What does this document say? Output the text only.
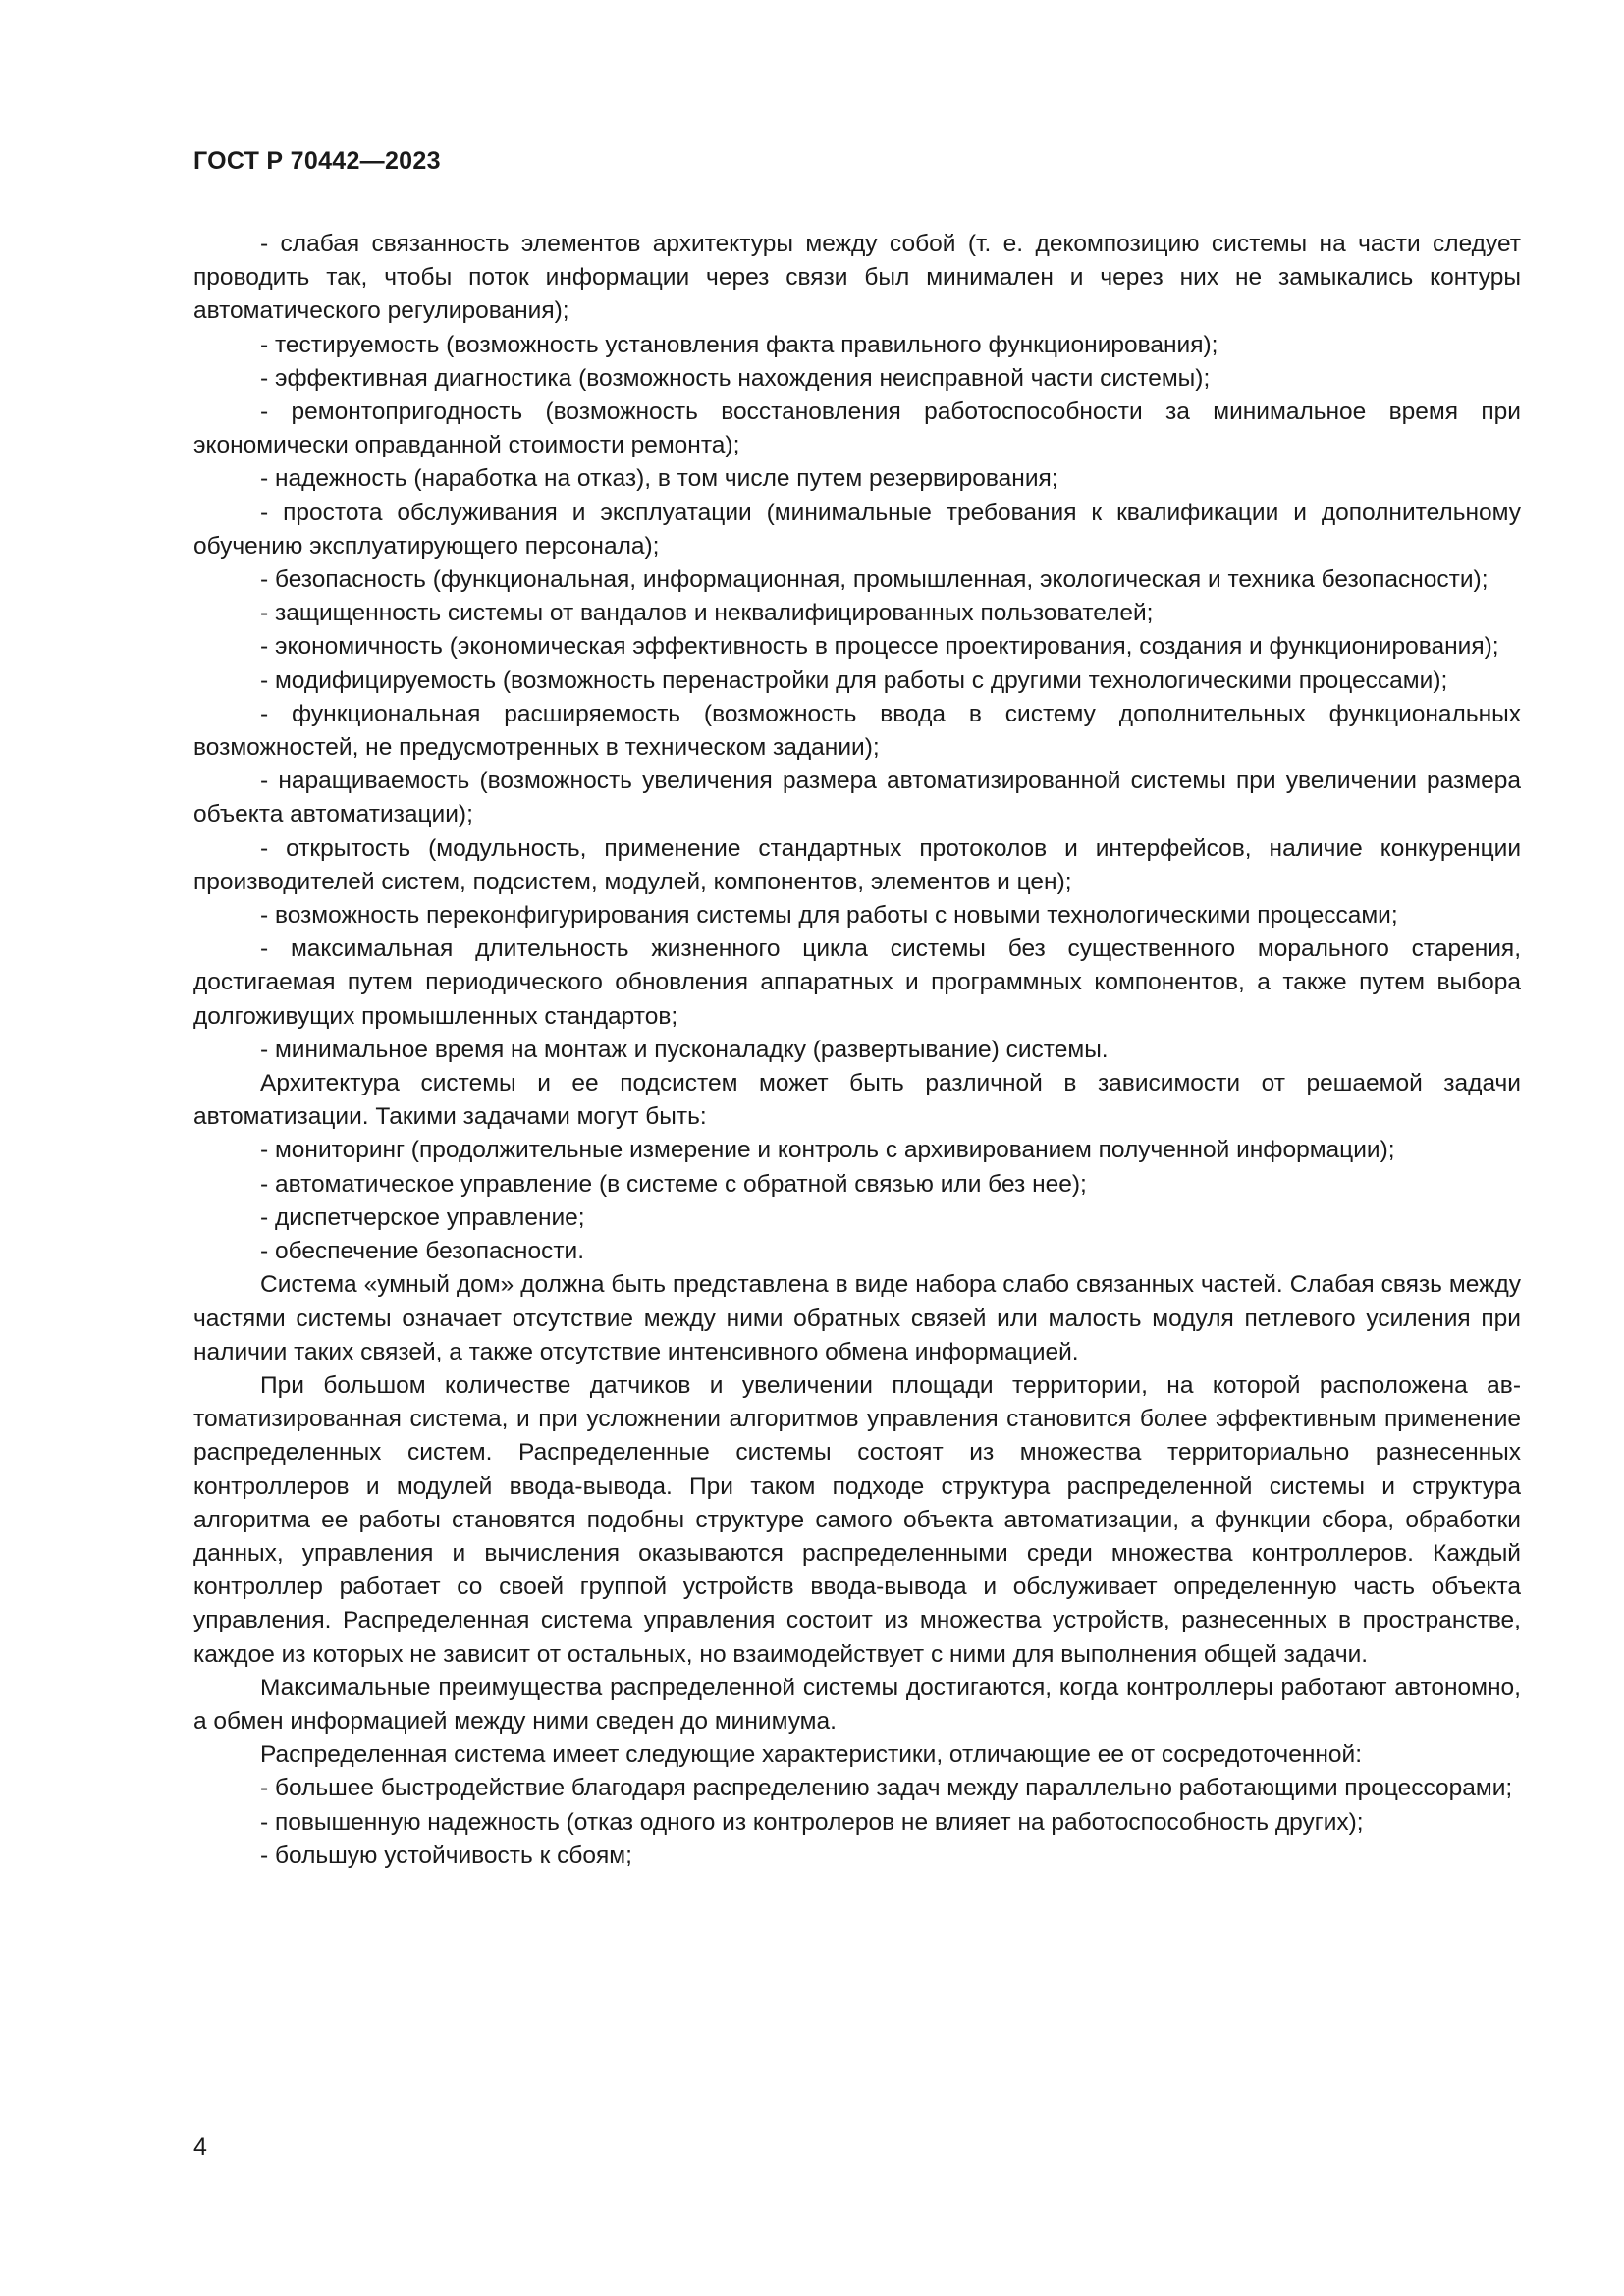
ГОСТ Р 70442—2023

- слабая связанность элементов архитектуры между собой (т. е. декомпозицию системы на части следует проводить так, чтобы поток информации через связи был минимален и через них не замыкались контуры автоматического регулирования);

- тестируемость (возможность установления факта правильного функционирования);

- эффективная диагностика (возможность нахождения неисправной части системы);

- ремонтопригодность (возможность восстановления работоспособности за минимальное время при экономически оправданной стоимости ремонта);

- надежность (наработка на отказ), в том числе путем резервирования;

- простота обслуживания и эксплуатации (минимальные требования к квалификации и дополнительному обучению эксплуатирующего персонала);

- безопасность (функциональная, информационная, промышленная, экологическая и техника безопасности);

- защищенность системы от вандалов и неквалифицированных пользователей;

- экономичность (экономическая эффективность в процессе проектирования, создания и функционирования);

- модифицируемость (возможность перенастройки для работы с другими технологическими процессами);

- функциональная расширяемость (возможность ввода в систему дополнительных функциональных возможностей, не предусмотренных в техническом задании);

- наращиваемость (возможность увеличения размера автоматизированной системы при увеличении размера объекта автоматизации);

- открытость (модульность, применение стандартных протоколов и интерфейсов, наличие конкуренции производителей систем, подсистем, модулей, компонентов, элементов и цен);

- возможность переконфигурирования системы для работы с новыми технологическими процессами;

- максимальная длительность жизненного цикла системы без существенного морального старения, достигаемая путем периодического обновления аппаратных и программных компонентов, а также путем выбора долгоживущих промышленных стандартов;

- минимальное время на монтаж и пусконаладку (развертывание) системы.

Архитектура системы и ее подсистем может быть различной в зависимости от решаемой задачи автоматизации. Такими задачами могут быть:

- мониторинг (продолжительные измерение и контроль с архивированием полученной информации);

- автоматическое управление (в системе с обратной связью или без нее);

- диспетчерское управление;

- обеспечение безопасности.

Система «умный дом» должна быть представлена в виде набора слабо связанных частей. Слабая связь между частями системы означает отсутствие между ними обратных связей или малость модуля петлевого усиления при наличии таких связей, а также отсутствие интенсивного обмена информацией.

При большом количестве датчиков и увеличении площади территории, на которой расположена автоматизированная система, и при усложнении алгоритмов управления становится более эффективным применение распределенных систем. Распределенные системы состоят из множества территориально разнесенных контроллеров и модулей ввода-вывода. При таком подходе структура распределенной системы и структура алгоритма ее работы становятся подобны структуре самого объекта автоматизации, а функции сбора, обработки данных, управления и вычисления оказываются распределенными среди множества контроллеров. Каждый контроллер работает со своей группой устройств ввода-вывода и обслуживает определенную часть объекта управления. Распределенная система управления состоит из множества устройств, разнесенных в пространстве, каждое из которых не зависит от остальных, но взаимодействует с ними для выполнения общей задачи.

Максимальные преимущества распределенной системы достигаются, когда контроллеры работают автономно, а обмен информацией между ними сведен до минимума.

Распределенная система имеет следующие характеристики, отличающие ее от сосредоточенной:

- большее быстродействие благодаря распределению задач между параллельно работающими процессорами;

- повышенную надежность (отказ одного из контролеров не влияет на работоспособность других);

- большую устойчивость к сбоям;

4
